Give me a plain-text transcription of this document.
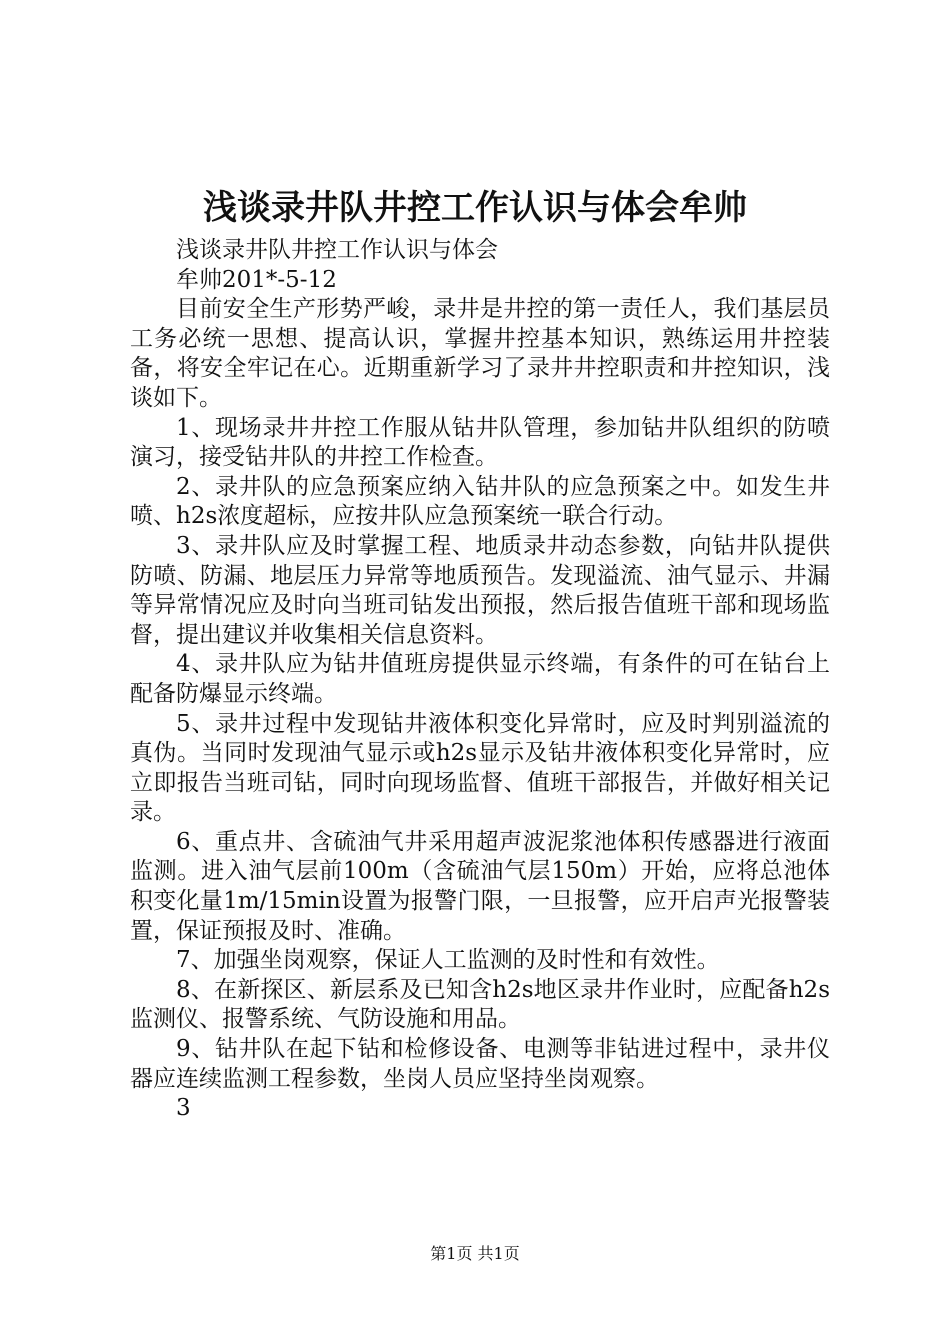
浅谈录井队井控工作认识与体会牟帅

浅谈录井队井控工作认识与体会

牟帅201*-5-12

目前安全生产形势严峻，录井是井控的第一责任人，我们基层员工务必统一思想、提高认识，掌握井控基本知识，熟练运用井控装备，将安全牢记在心。近期重新学习了录井井控职责和井控知识，浅谈如下。

1、现场录井井控工作服从钻井队管理，参加钻井队组织的防喷演习，接受钻井队的井控工作检查。

2、录井队的应急预案应纳入钻井队的应急预案之中。如发生井喷、h2s浓度超标，应按井队应急预案统一联合行动。

3、录井队应及时掌握工程、地质录井动态参数，向钻井队提供防喷、防漏、地层压力异常等地质预告。发现溢流、油气显示、井漏等异常情况应及时向当班司钻发出预报，然后报告值班干部和现场监督，提出建议并收集相关信息资料。

4、录井队应为钻井值班房提供显示终端，有条件的可在钻台上配备防爆显示终端。

5、录井过程中发现钻井液体积变化异常时，应及时判别溢流的真伪。当同时发现油气显示或h2s显示及钻井液体积变化异常时，应立即报告当班司钻，同时向现场监督、值班干部报告，并做好相关记录。

6、重点井、含硫油气井采用超声波泥浆池体积传感器进行液面监测。进入油气层前100m（含硫油气层150m）开始，应将总池体积变化量1m/15min设置为报警门限，一旦报警，应开启声光报警装置，保证预报及时、准确。

7、加强坐岗观察，保证人工监测的及时性和有效性。

8、在新探区、新层系及已知含h2s地区录井作业时，应配备h2s监测仪、报警系统、气防设施和用品。

9、钻井队在起下钻和检修设备、电测等非钻进过程中，录井仪器应连续监测工程参数，坐岗人员应坚持坐岗观察。

3

第1页 共1页
